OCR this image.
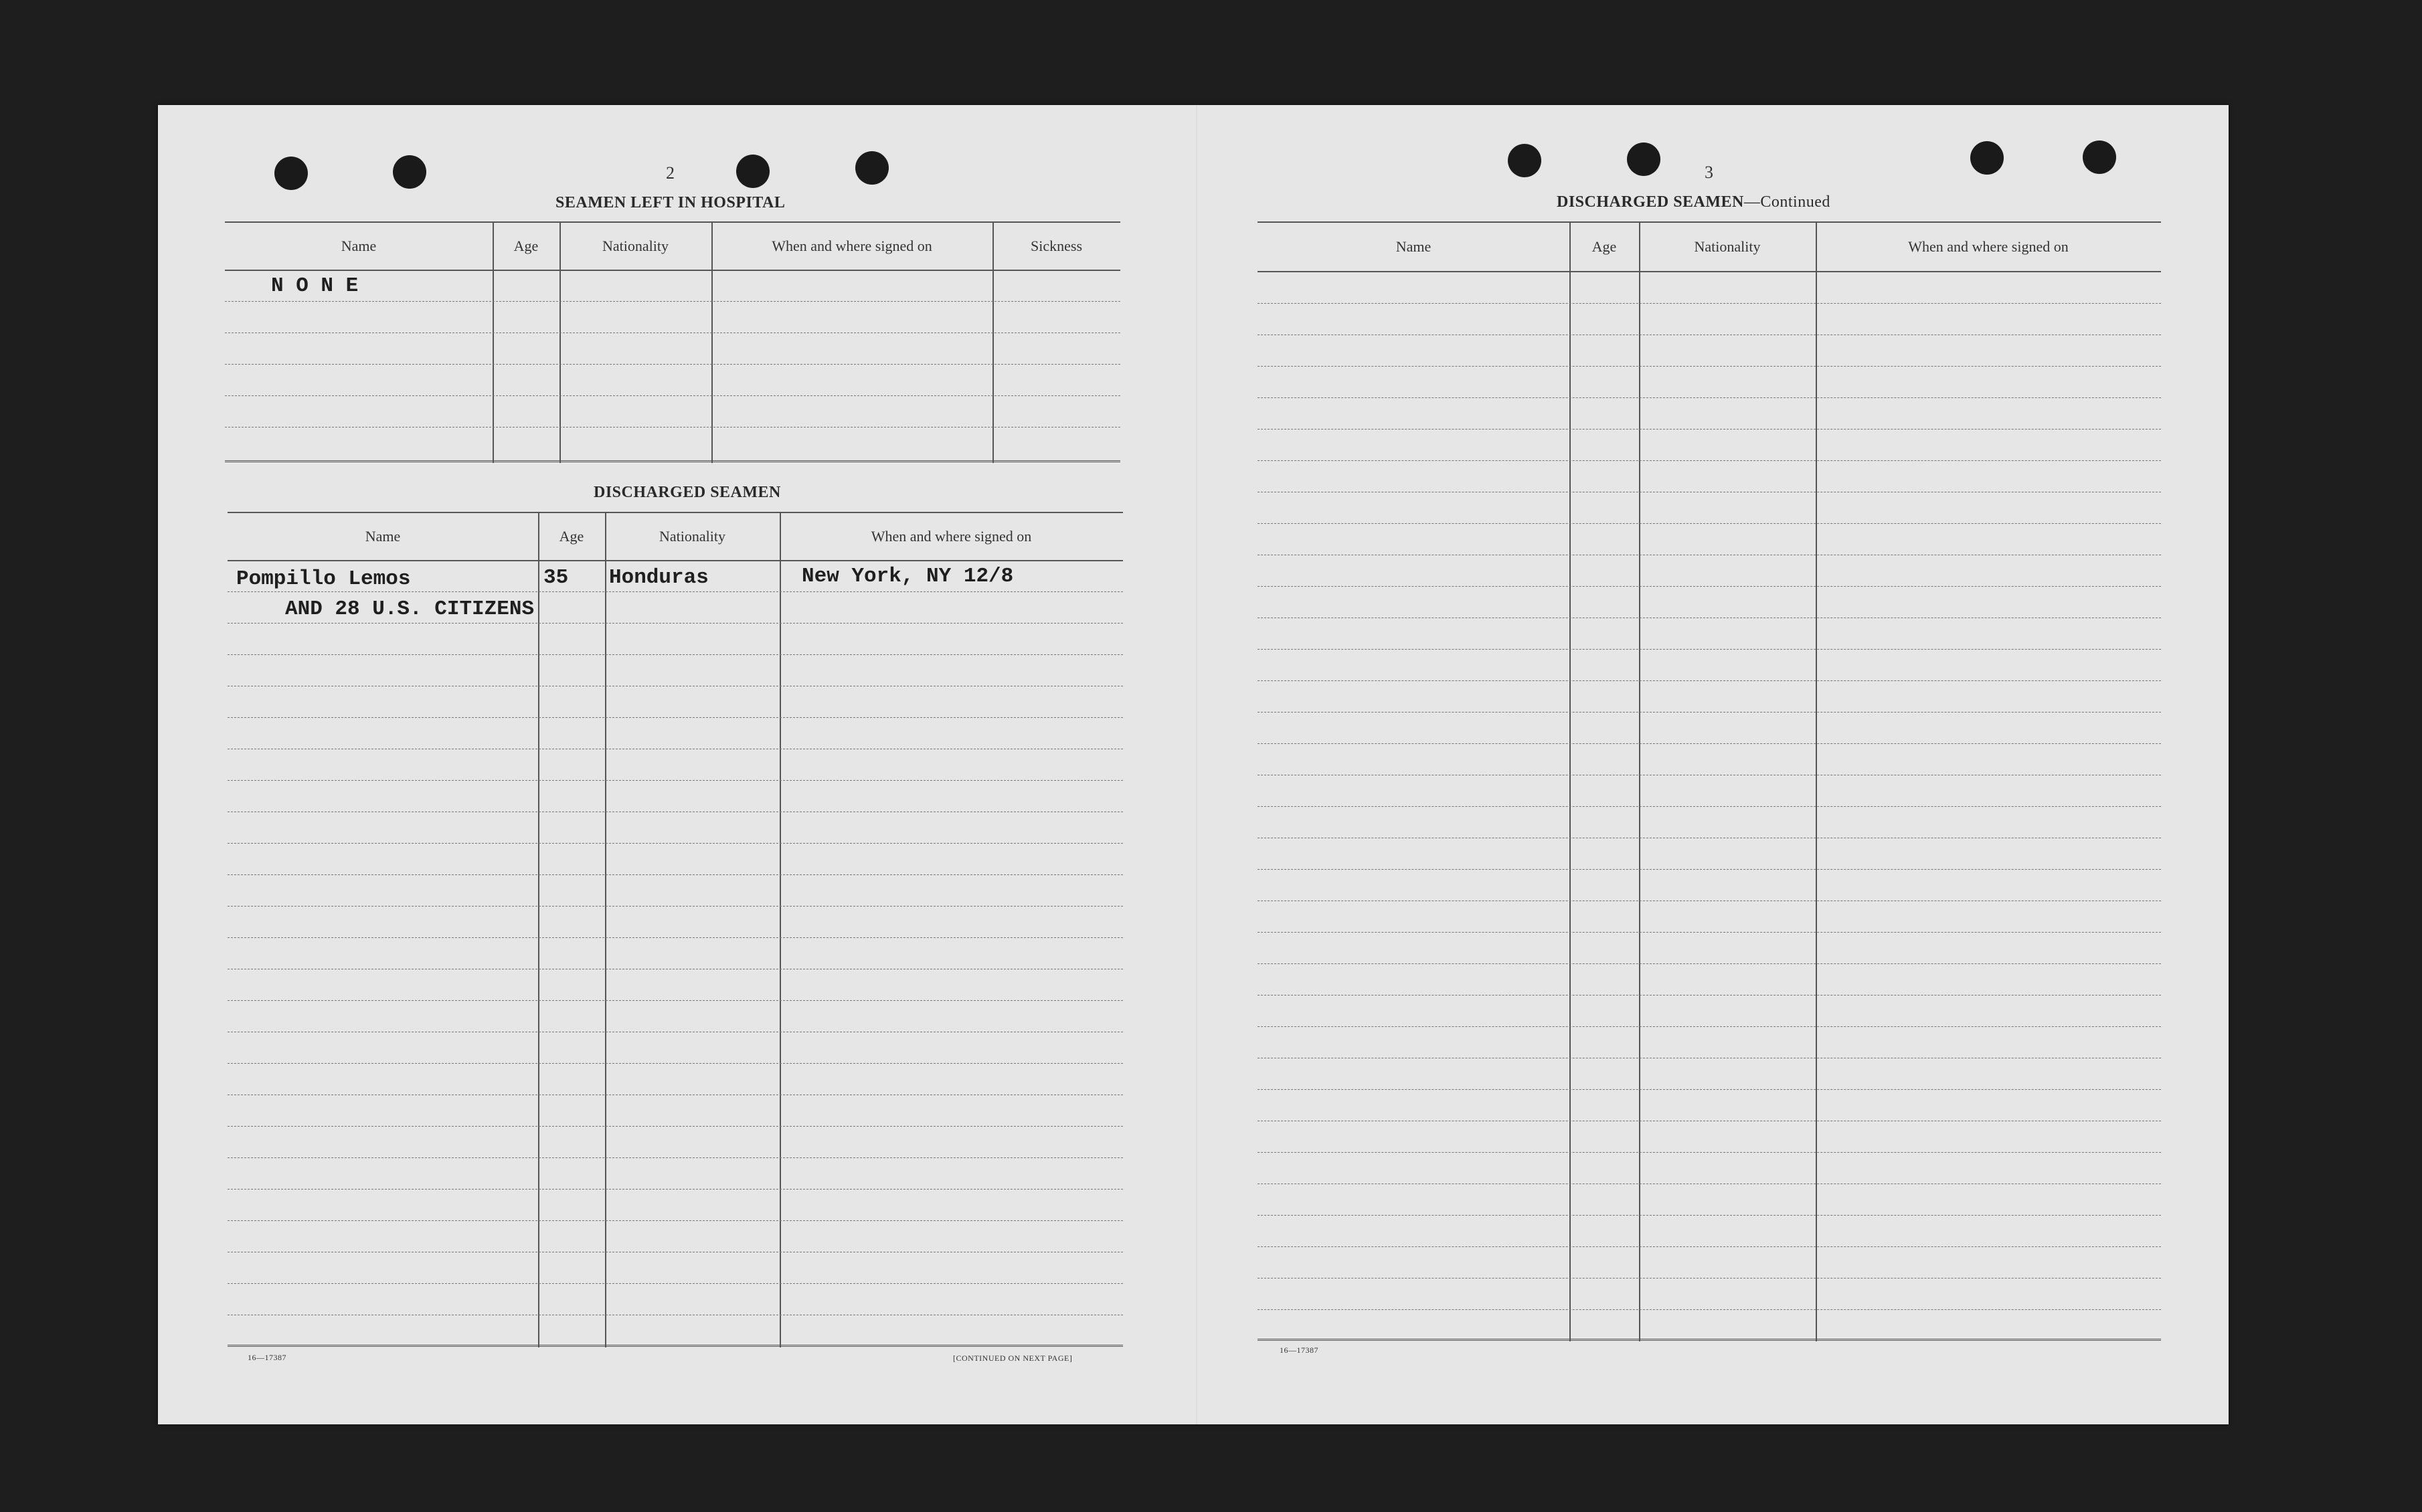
2
SEAMEN LEFT IN HOSPITAL
Name	Age	Nationality	When and where signed on	Sickness
N O N E
DISCHARGED SEAMEN
Name	Age	Nationality	When and where signed on
Pompillo Lemos	35 Honduras	New York, NY 12/8
AND 28 U.S. CITIZENS
16—17387	[CONTINUED ON NEXT PAGE]
3
DISCHARGED SEAMEN—Continued
Name	Age	Nationality	When and where signed on
16—17387
